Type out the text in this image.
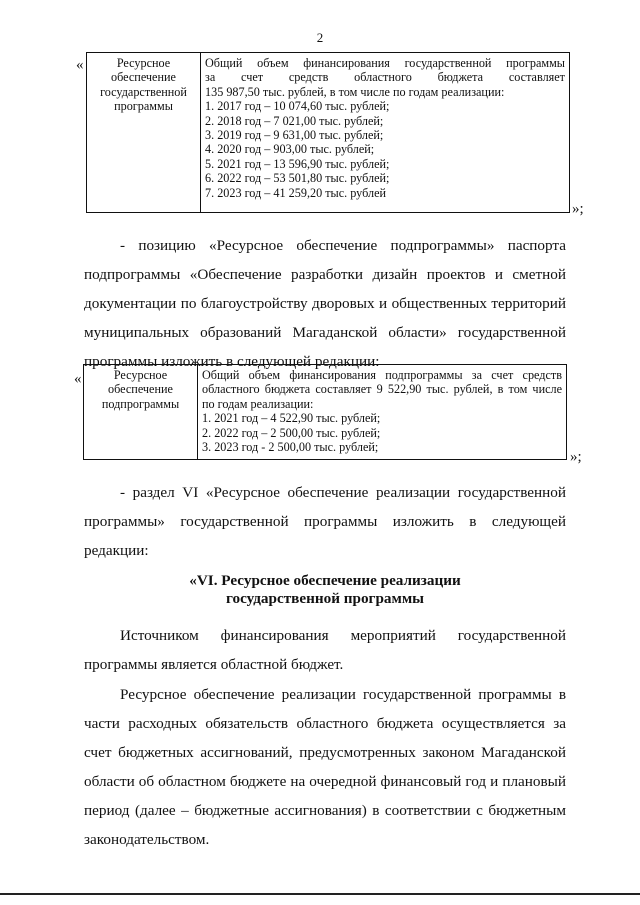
2
«	Ресурсное
обеспечение
государственной
программы

Общий объем финансирования государственной программы
за счет средств областного бюджета составляет
135 987,50 тыс. рублей, в том числе по годам реализации:
1. 2017 год – 10 074,60 тыс. рублей;
2. 2018 год – 7 021,00 тыс. рублей;
3. 2019 год – 9 631,00 тыс. рублей;
4. 2020 год – 903,00 тыс. рублей;
5. 2021 год – 13 596,90 тыс. рублей;
6. 2022 год – 53 501,80 тыс. рублей;
7. 2023 год – 41 259,20 тыс. рублей
»;
- позицию «Ресурсное обеспечение подпрограммы» паспорта подпрограммы «Обеспечение разработки дизайн проектов и сметной документации по благоустройству дворовых и общественных территорий муниципальных образований Магаданской области» государственной программы изложить в следующей редакции:
«	Ресурсное
обеспечение
подпрограммы

Общий объем финансирования подпрограммы за счет средств
областного бюджета составляет 9 522,90 тыс. рублей, в том числе
по годам реализации:
1. 2021 год – 4 522,90 тыс. рублей;
2. 2022 год – 2 500,00 тыс. рублей;
3. 2023 год - 2 500,00 тыс. рублей;
»;
- раздел VI «Ресурсное обеспечение реализации государственной программы» государственной программы изложить в следующей редакции:
«VI. Ресурсное обеспечение реализации
государственной программы
Источником финансирования мероприятий государственной программы является областной бюджет.
Ресурсное обеспечение реализации государственной программы в части расходных обязательств областного бюджета осуществляется за счет бюджетных ассигнований, предусмотренных законом Магаданской области об областном бюджете на очередной финансовый год и плановый период (далее – бюджетные ассигнования) в соответствии с бюджетным законодательством.
